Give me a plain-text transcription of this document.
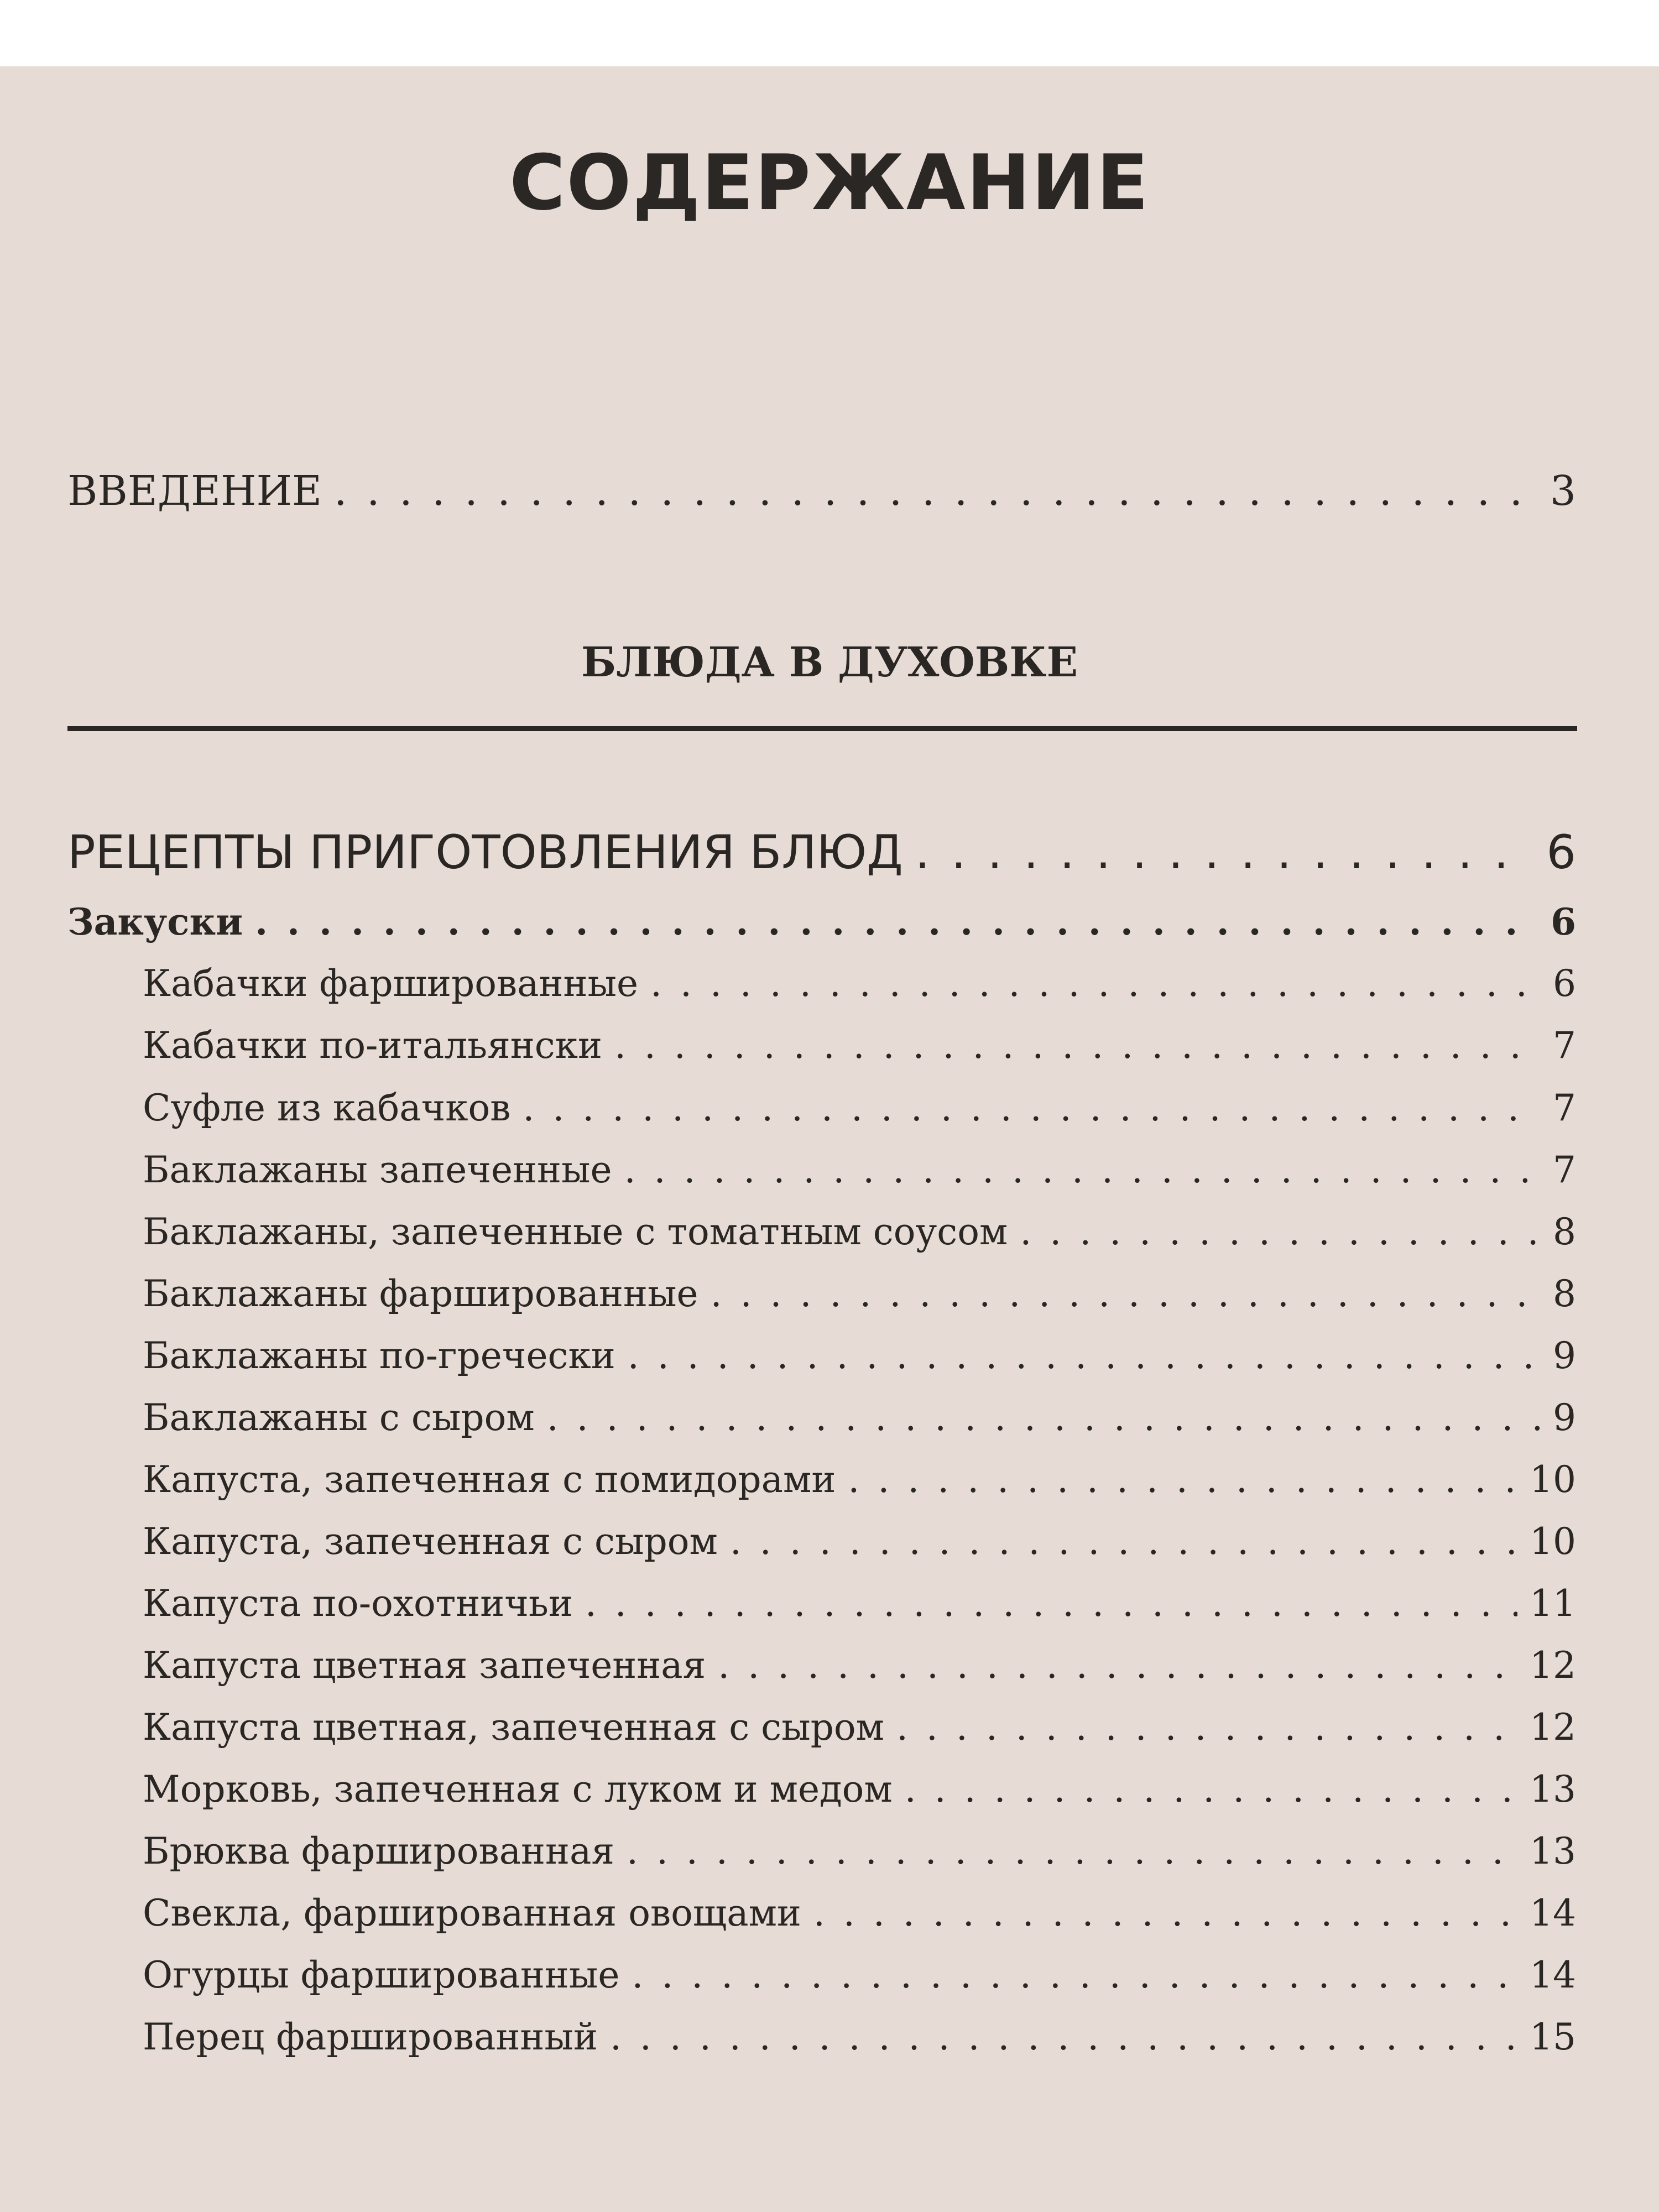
СОДЕРЖАНИЕ
ВВЕДЕНИЕ . . .	3
БЛЮДА В ДУХОВКЕ
РЕЦЕПТЫ ПРИГОТОВЛЕНИЯ БЛЮД . . .	6
Закуски . . .	6
Кабачки фаршированные . . .	6
Кабачки по-итальянски . . .	7
Суфле из кабачков . . .	7
Баклажаны запеченные . . .	7
Баклажаны, запеченные с томатным соусом . . .	8
Баклажаны фаршированные . . .	8
Баклажаны по-гречески . . .	9
Баклажаны с сыром . . .	9
Капуста, запеченная с помидорами . . .	10
Капуста, запеченная с сыром . . .	10
Капуста по-охотничьи . . .	11
Капуста цветная запеченная . . .	12
Капуста цветная, запеченная с сыром . . .	12
Морковь, запеченная с луком и медом . . .	13
Брюква фаршированная . . .	13
Свекла, фаршированная овощами . . .	14
Огурцы фаршированные . . .	14
Перец фаршированный . . .	15
